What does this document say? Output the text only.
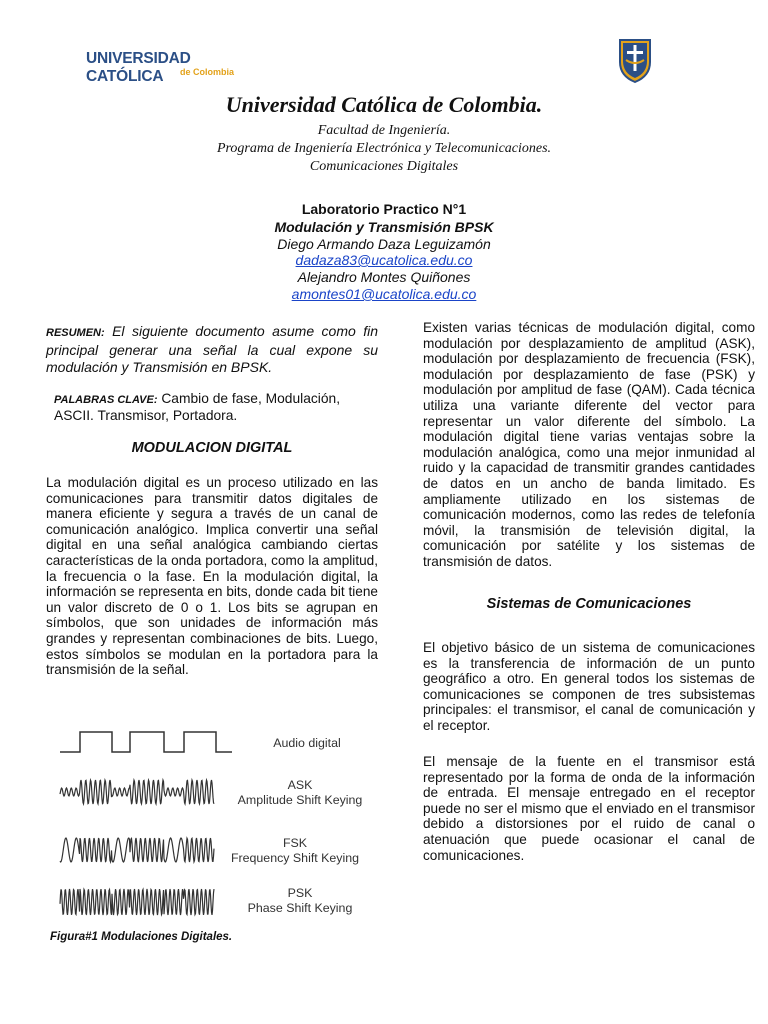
UNIVERSIDAD CATÓLICA	de Colombia
Universidad Católica de Colombia.
Facultad de Ingeniería.
Programa de Ingeniería Electrónica y Telecomunicaciones.
Comunicaciones Digitales
Laboratorio Practico N°1
Modulación y Transmisión BPSK
Diego Armando Daza Leguizamón
dadaza83@ucatolica.edu.co
Alejandro Montes Quiñones
amontes01@ucatolica.edu.co
RESUMEN: El siguiente documento asume como fin principal generar una señal la cual expone su modulación y Transmisión en BPSK.
PALABRAS CLAVE: Cambio de fase, Modulación, ASCII. Transmisor, Portadora.
MODULACION DIGITAL
La modulación digital es un proceso utilizado en las comunicaciones para transmitir datos digitales de manera eficiente y segura a través de un canal de comunicación analógico. Implica convertir una señal digital en una señal analógica cambiando ciertas características de la onda portadora, como la amplitud, la frecuencia o la fase. En la modulación digital, la información se representa en bits, donde cada bit tiene un valor discreto de 0 o 1. Los bits se agrupan en símbolos, que son unidades de información más grandes y representan combinaciones de bits. Luego, estos símbolos se modulan en la portadora para la transmisión de la señal.
Audio digital
ASK
Amplitude Shift Keying
FSK
Frequency Shift Keying
PSK
Phase Shift Keying
Figura#1 Modulaciones Digitales.
Existen varias técnicas de modulación digital, como modulación por desplazamiento de amplitud (ASK), modulación por desplazamiento de frecuencia (FSK), modulación por desplazamiento de fase (PSK) y modulación por amplitud de fase (QAM). Cada técnica utiliza una variante diferente del vector para representar un valor diferente del símbolo. La modulación digital tiene varias ventajas sobre la modulación analógica, como una mejor inmunidad al ruido y la capacidad de transmitir grandes cantidades de datos en un ancho de banda limitado. Es ampliamente utilizado en los sistemas de comunicación modernos, como las redes de telefonía móvil, la transmisión de televisión digital, la comunicación por satélite y los sistemas de transmisión de datos.
Sistemas de Comunicaciones
El objetivo básico de un sistema de comunicaciones es la transferencia de información de un punto geográfico a otro. En general todos los sistemas de comunicaciones se componen de tres subsistemas principales: el transmisor, el canal de comunicación y el receptor.
El mensaje de la fuente en el transmisor está representado por la forma de onda de la información de entrada. El mensaje entregado en el receptor puede no ser el mismo que el enviado en el transmisor debido a distorsiones por el ruido de canal o atenuación que puede ocasionar el canal de comunicaciones.
